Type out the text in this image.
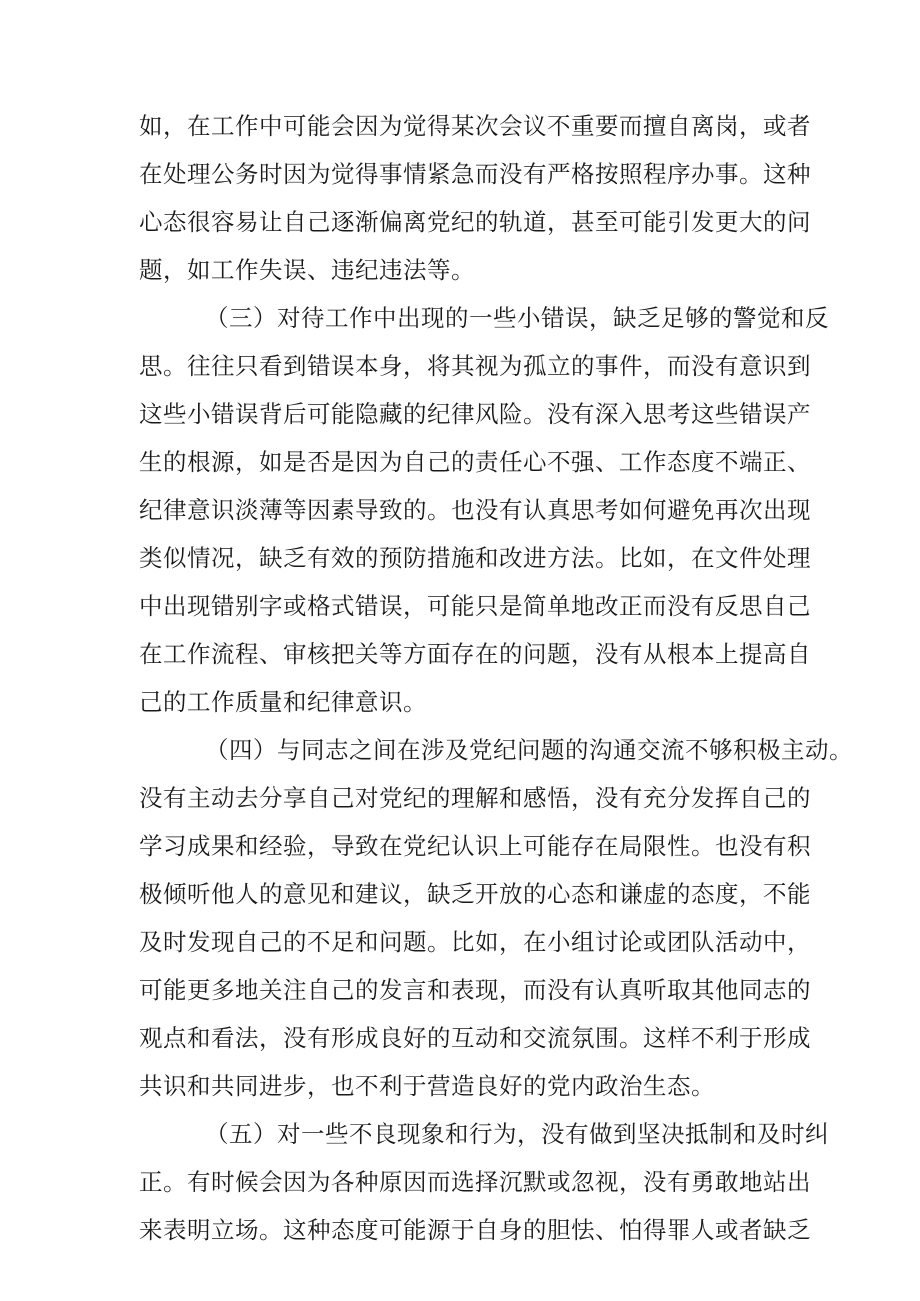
如，在工作中可能会因为觉得某次会议不重要而擅自离岗，或者

在处理公务时因为觉得事情紧急而没有严格按照程序办事。这种

心态很容易让自己逐渐偏离党纪的轨道，甚至可能引发更大的问

题，如工作失误、违纪违法等。

（三）对待工作中出现的一些小错误，缺乏足够的警觉和反

思。往往只看到错误本身，将其视为孤立的事件，而没有意识到

这些小错误背后可能隐藏的纪律风险。没有深入思考这些错误产

生的根源，如是否是因为自己的责任心不强、工作态度不端正、

纪律意识淡薄等因素导致的。也没有认真思考如何避免再次出现

类似情况，缺乏有效的预防措施和改进方法。比如，在文件处理

中出现错别字或格式错误，可能只是简单地改正而没有反思自己

在工作流程、审核把关等方面存在的问题，没有从根本上提高自

己的工作质量和纪律意识。

（四）与同志之间在涉及党纪问题的沟通交流不够积极主动。

没有主动去分享自己对党纪的理解和感悟，没有充分发挥自己的

学习成果和经验，导致在党纪认识上可能存在局限性。也没有积

极倾听他人的意见和建议，缺乏开放的心态和谦虚的态度，不能

及时发现自己的不足和问题。比如，在小组讨论或团队活动中，

可能更多地关注自己的发言和表现，而没有认真听取其他同志的

观点和看法，没有形成良好的互动和交流氛围。这样不利于形成

共识和共同进步，也不利于营造良好的党内政治生态。

（五）对一些不良现象和行为，没有做到坚决抵制和及时纠

正。有时候会因为各种原因而选择沉默或忽视，没有勇敢地站出

来表明立场。这种态度可能源于自身的胆怯、怕得罪人或者缺乏
